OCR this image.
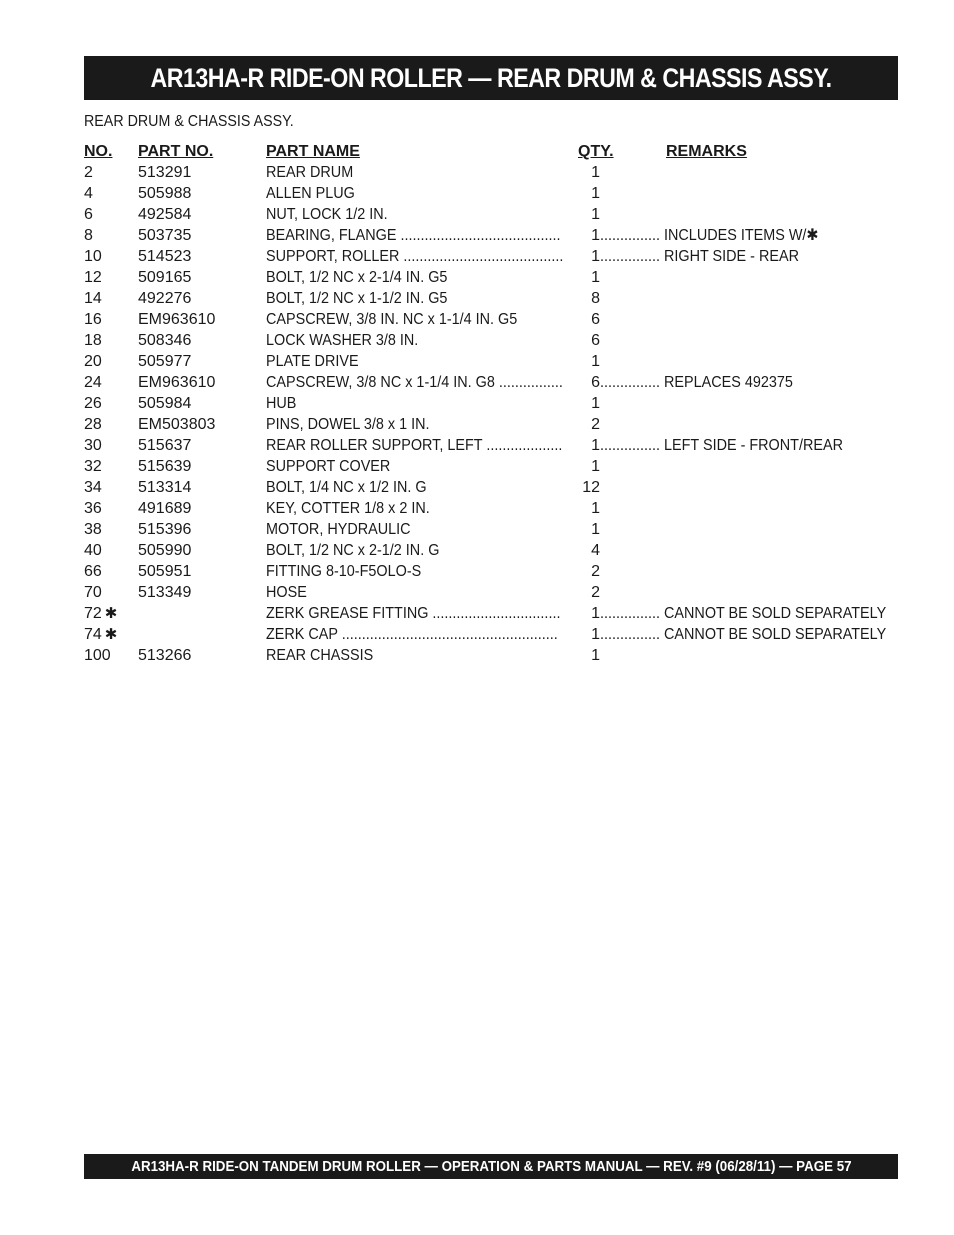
AR13HA-R RIDE-ON ROLLER — REAR DRUM & CHASSIS ASSY.
REAR DRUM & CHASSIS ASSY.
NO. PART NO.	PART NAME	QTY.	REMARKS
2	513291	REAR DRUM	1
4	505988	ALLEN PLUG	1
6	492584	NUT, LOCK 1/2 IN.	1
8	503735	BEARING, FLANGE ........................................	1 ............... INCLUDES ITEMS W/✱
10 514523	SUPPORT, ROLLER ........................................	1 ............... RIGHT SIDE - REAR
12 509165	BOLT, 1/2 NC x 2-1/4 IN. G5	1
14 492276	BOLT, 1/2 NC x 1-1/2 IN. G5	8
16 EM963610	CAPSCREW, 3/8 IN. NC x 1-1/4 IN. G5	6
18 508346	LOCK WASHER 3/8 IN.	6
20 505977	PLATE DRIVE	1
24 EM963610	CAPSCREW, 3/8 NC x 1-1/4 IN. G8 ................	6 ............... REPLACES 492375
26 505984	HUB	1
28 EM503803	PINS, DOWEL 3/8 x 1 IN.	2
30 515637	REAR ROLLER SUPPORT, LEFT ...................	1 ............... LEFT SIDE - FRONT/REAR
32 515639	SUPPORT COVER	1
34 513314	BOLT, 1/4 NC x 1/2 IN. G	12
36 491689	KEY, COTTER 1/8 x 2 IN.	1
38 515396	MOTOR, HYDRAULIC	1
40 505990	BOLT, 1/2 NC x 2-1/2 IN. G	4
66 505951	FITTING 8-10-F5OLO-S	2
70 513349	HOSE	2
72 ✱	ZERK GREASE FITTING ................................	1 ............... CANNOT BE SOLD SEPARATELY
74 ✱	ZERK CAP ......................................................	1 ............... CANNOT BE SOLD SEPARATELY
100 513266	REAR CHASSIS	1
AR13HA-R RIDE-ON TANDEM DRUM ROLLER — OPERATION & PARTS MANUAL — REV. #9 (06/28/11) — PAGE 57
